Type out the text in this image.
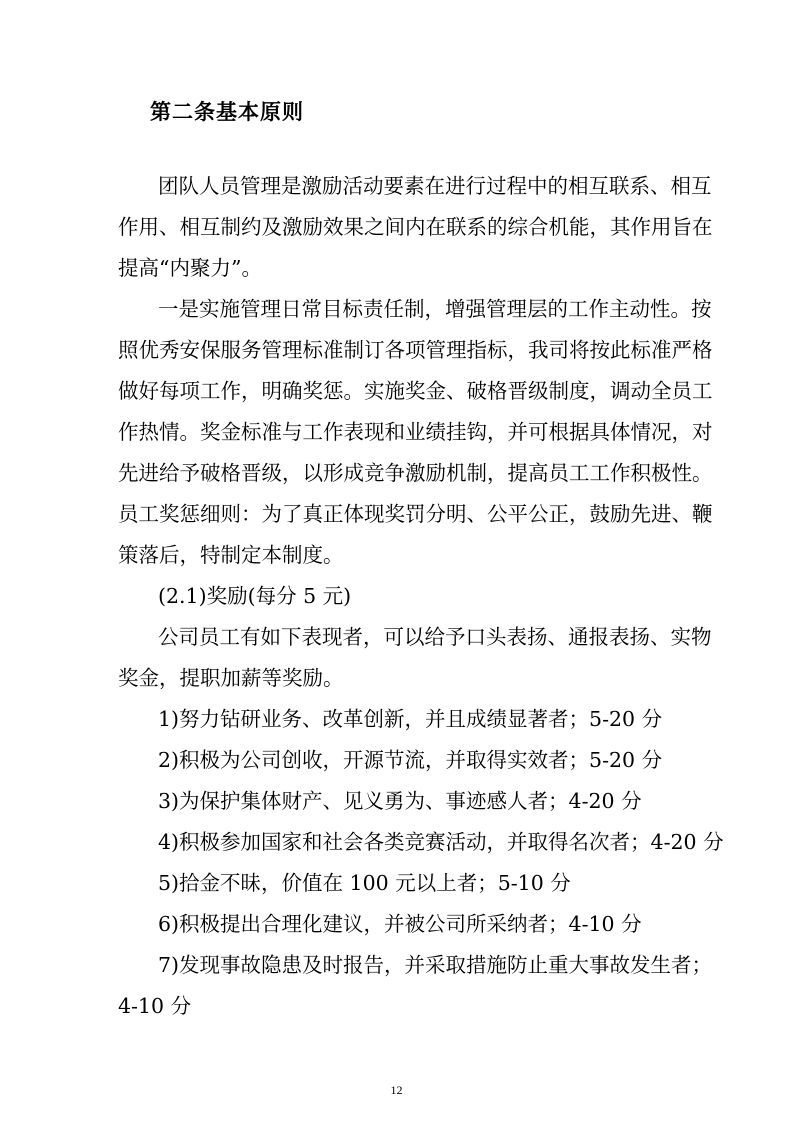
第二条基本原则

团队人员管理是激励活动要素在进行过程中的相互联系、相互

作用、相互制约及激励效果之间内在联系的综合机能，其作用旨在

提高“内聚力”。

一是实施管理日常目标责任制，增强管理层的工作主动性。按

照优秀安保服务管理标准制订各项管理指标，我司将按此标准严格

做好每项工作，明确奖惩。实施奖金、破格晋级制度，调动全员工

作热情。奖金标准与工作表现和业绩挂钩，并可根据具体情况，对

先进给予破格晋级，以形成竞争激励机制，提高员工工作积极性。

员工奖惩细则：为了真正体现奖罚分明、公平公正，鼓励先进、鞭

策落后，特制定本制度。

(2.1)奖励(每分 5 元)

公司员工有如下表现者，可以给予口头表扬、通报表扬、实物

奖金，提职加薪等奖励。

1)努力钻研业务、改革创新，并且成绩显著者；5-20 分

2)积极为公司创收，开源节流，并取得实效者；5-20 分

3)为保护集体财产、见义勇为、事迹感人者；4-20 分

4)积极参加国家和社会各类竞赛活动，并取得名次者；4-20 分

5)拾金不昧，价值在 100 元以上者；5-10 分

6)积极提出合理化建议，并被公司所采纳者；4-10 分

7)发现事故隐患及时报告，并采取措施防止重大事故发生者；

4-10 分

12
